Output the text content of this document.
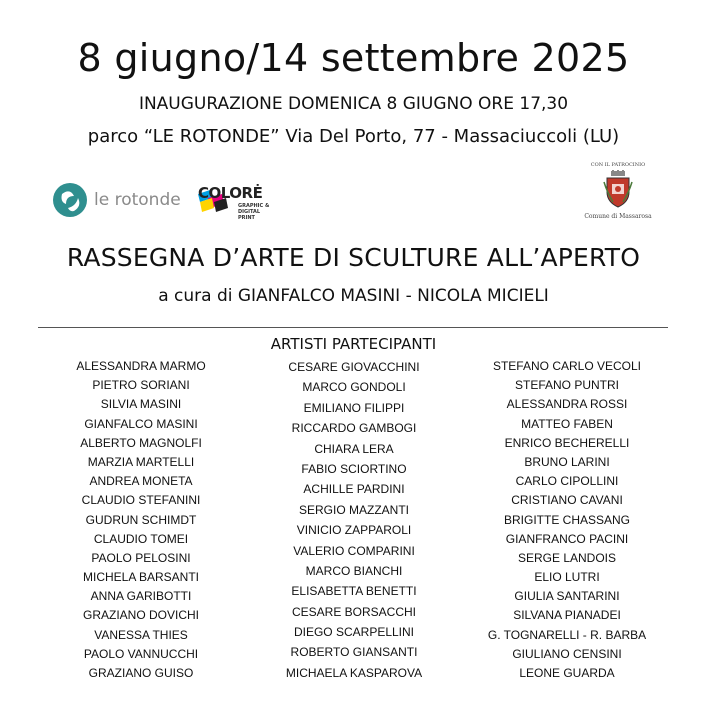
8 giugno/14 settembre 2025
INAUGURAZIONE DOMENICA 8 GIUGNO ORE 17,30
parco “LE ROTONDE” Via Del Porto, 77 - Massaciuccoli (LU)
le rotonde COLORĖ
GRAPHIC & DIGITAL PRINT
CON IL PATROCINIO
Comune di Massarosa
RASSEGNA D’ARTE DI SCULTURE ALL’APERTO
a cura di GIANFALCO MASINI - NICOLA MICIELI
ARTISTI PARTECIPANTI
ALESSANDRA MARMO
PIETRO SORIANI
SILVIA MASINI
GIANFALCO MASINI
ALBERTO MAGNOLFI
MARZIA MARTELLI
ANDREA MONETA
CLAUDIO STEFANINI
GUDRUN SCHIMDT
CLAUDIO TOMEI
PAOLO PELOSINI
MICHELA BARSANTI
ANNA GARIBOTTI
GRAZIANO DOVICHI
VANESSA THIES
PAOLO VANNUCCHI
GRAZIANO GUISO
CESARE GIOVACCHINI
MARCO GONDOLI
EMILIANO FILIPPI
RICCARDO GAMBOGI
CHIARA LERA
FABIO SCIORTINO
ACHILLE PARDINI
SERGIO MAZZANTI
VINICIO ZAPPAROLI
VALERIO COMPARINI
MARCO BIANCHI
ELISABETTA BENETTI
CESARE BORSACCHI
DIEGO SCARPELLINI
ROBERTO GIANSANTI
MICHAELA KASPAROVA
STEFANO CARLO VECOLI
STEFANO PUNTRI
ALESSANDRA ROSSI
MATTEO FABEN
ENRICO BECHERELLI
BRUNO LARINI
CARLO CIPOLLINI
CRISTIANO CAVANI
BRIGITTE CHASSANG
GIANFRANCO PACINI
SERGE LANDOIS
ELIO LUTRI
GIULIA SANTARINI
SILVANA PIANADEI
G. TOGNARELLI - R. BARBA
GIULIANO CENSINI
LEONE GUARDA
